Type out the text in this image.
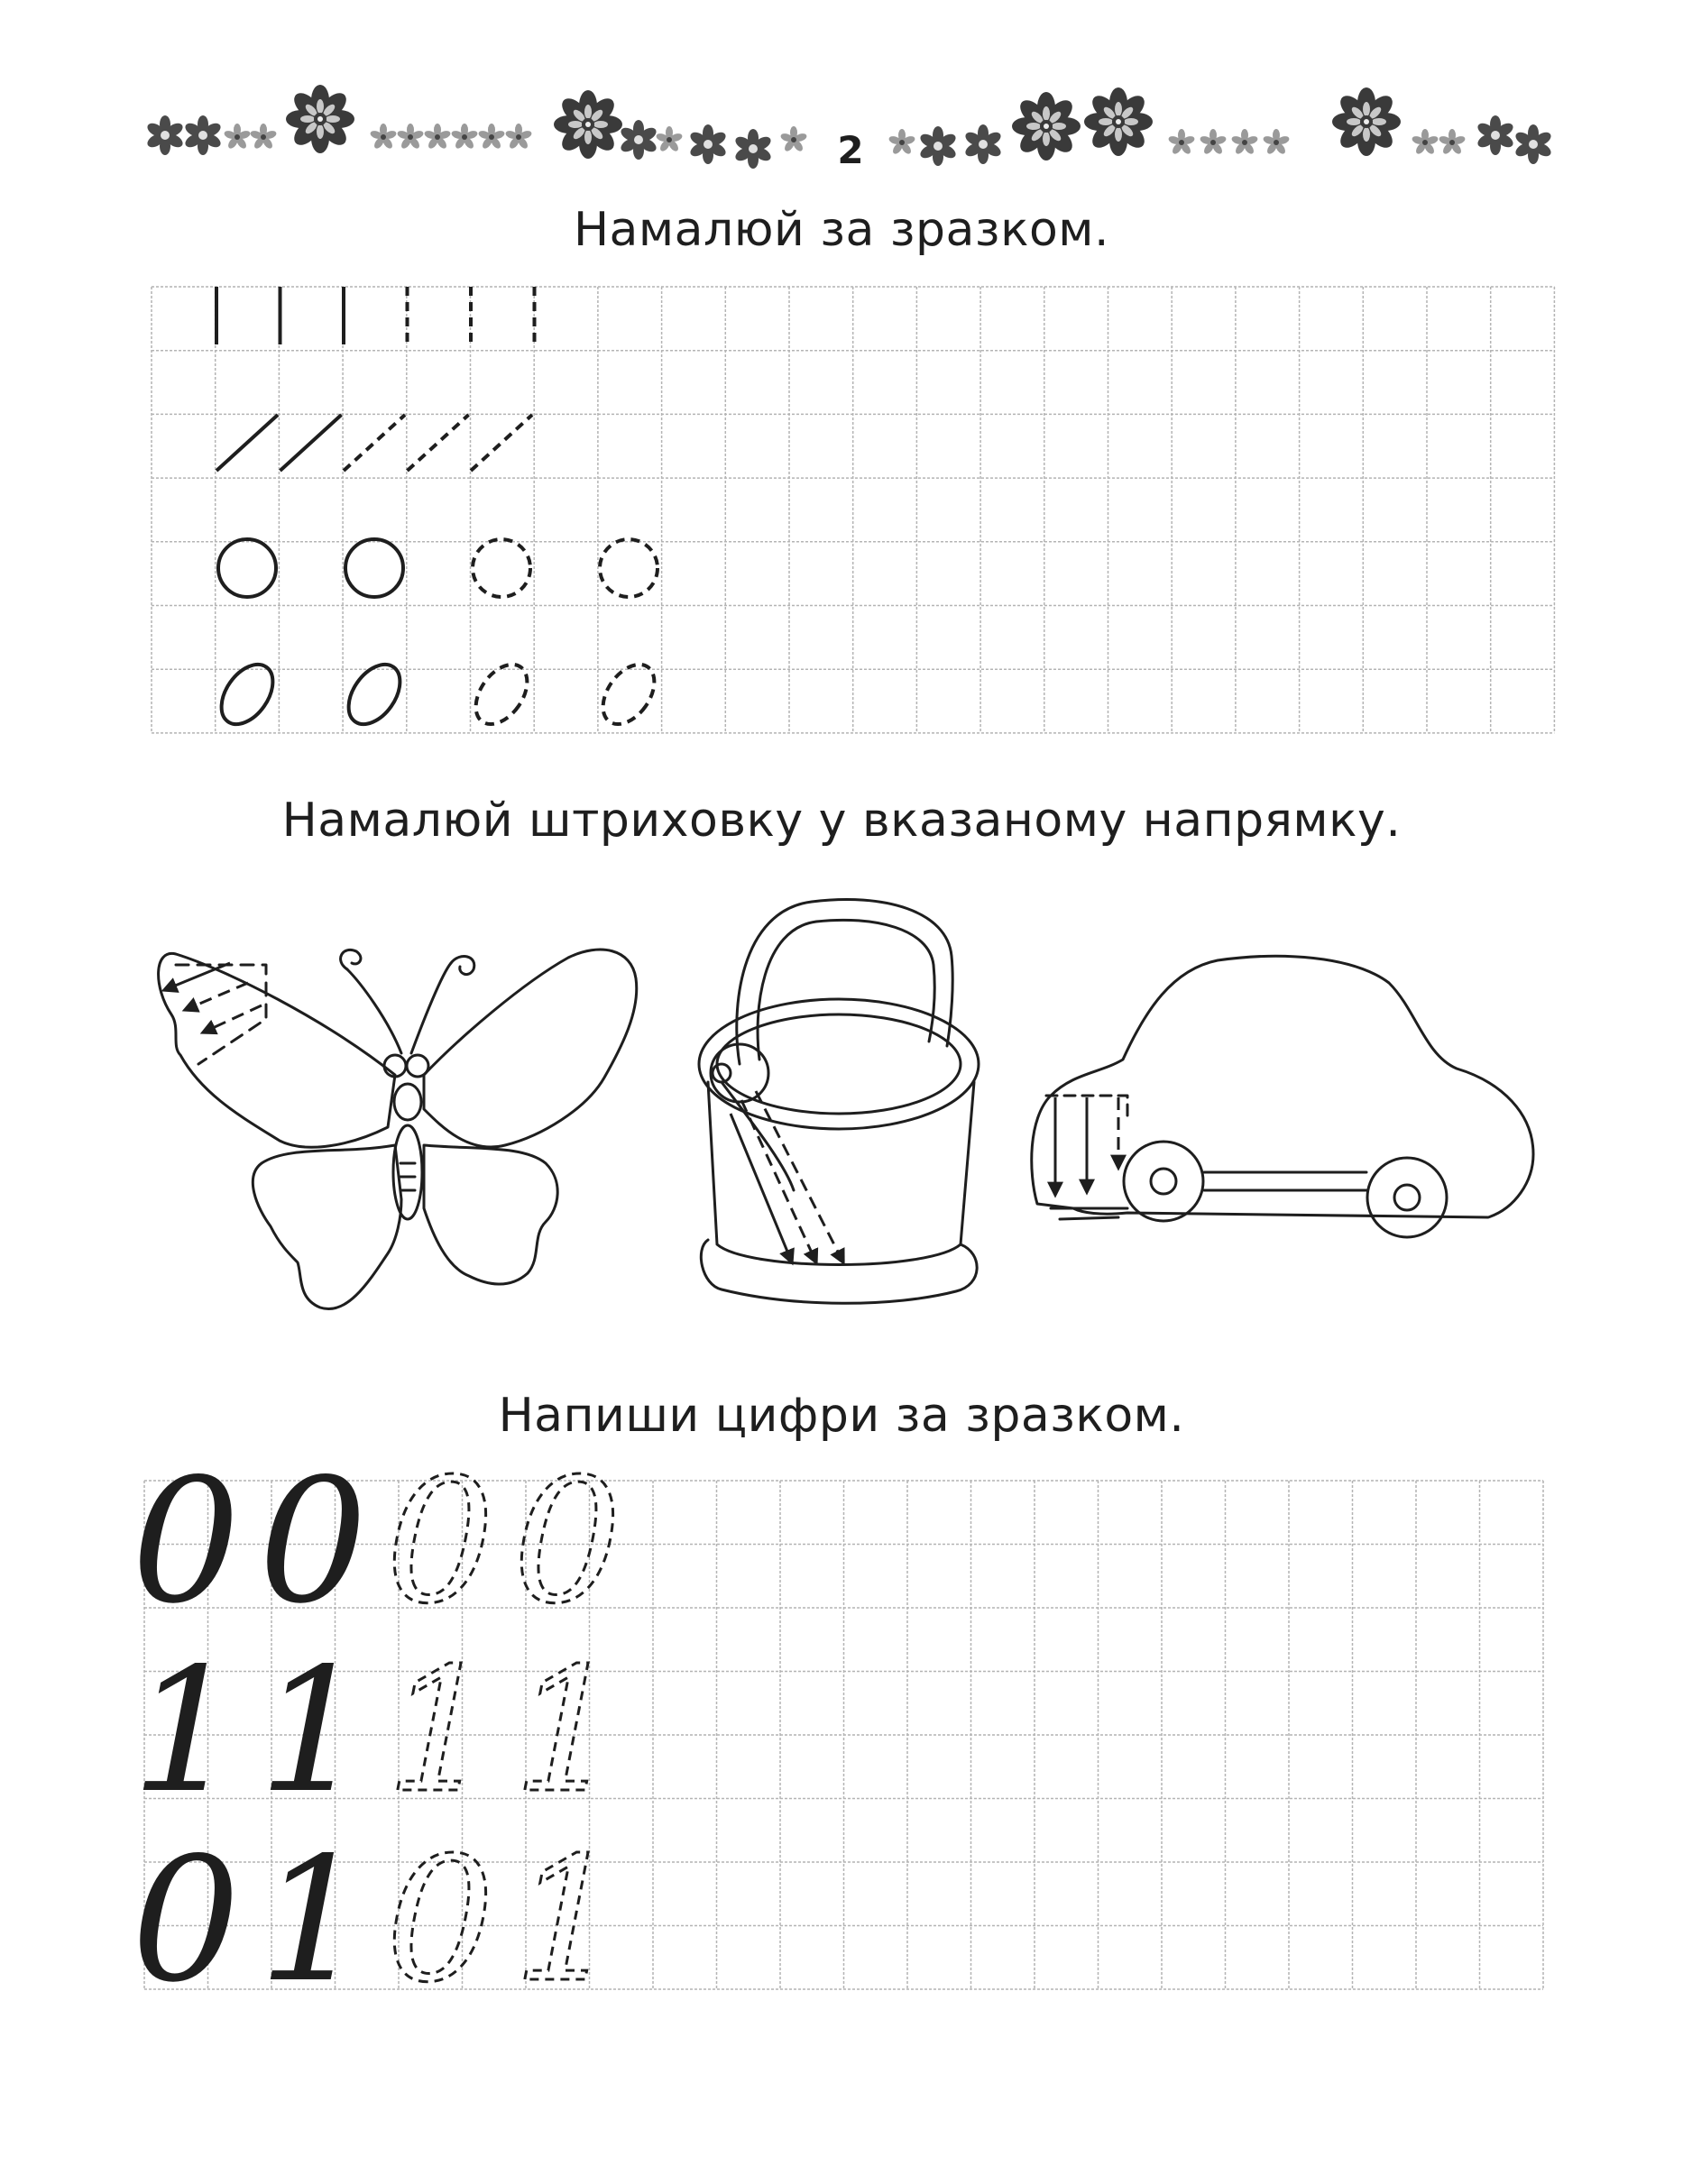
0 0 0 0
1 1 1 1
0 1 0 1
2
Намалюй за зразком.
Намалюй штриховку у вказаному напрямку.
Напиши цифри за зразком.
